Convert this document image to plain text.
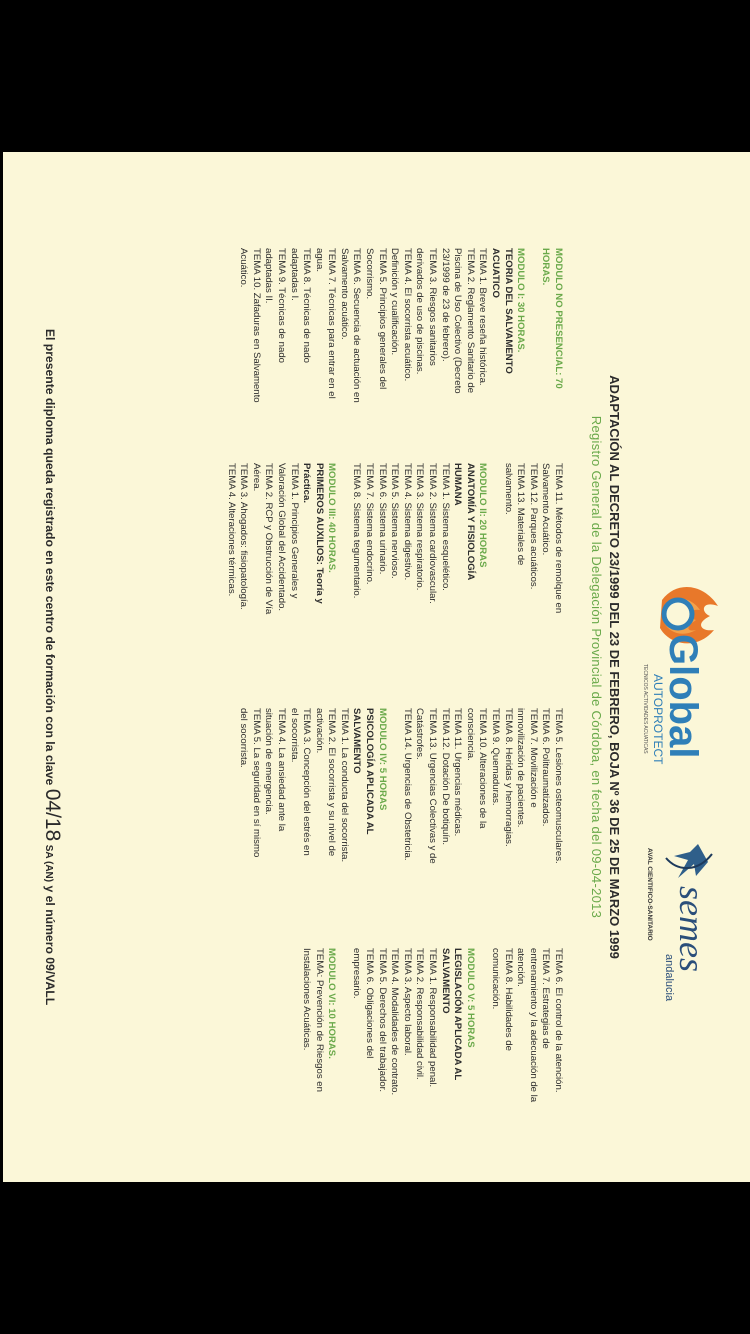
Global
AUTOPROTECT
TECNICOS ACTIVIDADES ACUATICAS
semes
andalucia
AVAL CIENTIFICO-SANITARIO
ADAPTACIÓN AL DECRETO 23/1999 DEL 23 DE FEBRERO, BOJA Nº 36 DE 25 DE MARZO 1999
Registro General de la Delegación Provincial de Córdoba, en fecha del 09-04-2013

MODULO NO PRESENCIAL: 70 HORAS.

MODULO I: 30 HORAS.

TEORIA DEL SALVAMENTO ACUATICO

TEMA 1. Breve reseña histórica.

TEMA 2. Reglamento Sanitario de Piscina de Uso Colectivo (Decreto 23/1999 de 23 de febrero).

TEMA 3. Riesgos sanitarios derivados de uso de piscinas.

TEMA 4. El socorrista acuático. Definición y cualificación.

TEMA 5. Principios generales del Socorrismo.

TEMA 6. Secuencia de actuación en Salvamento acuático.

TEMA 7. Técnicas para entrar en el agua.

TEMA 8. Técnicas de nado adaptadas I.

TEMA 9. Técnicas de nado adaptadas II.

TEMA 10. Zafaduras en Salvamento Acuático.

TEMA 11. Métodos de remolque en Salvamento Acuático.

TEMA 12. Parques acuáticos.

TEMA 13. Materiales de salvamento.

MODULO II: 20 HORAS

ANATOMÍA Y FISIOLOGÍA HUMANA

TEMA 1. Sistema esquelético.

TEMA 2. Sistema cardiovascular.

TEMA 3. Sistema respiratorio.

TEMA 4. Sistema digestivo.

TEMA 5. Sistema nervioso.

TEMA 6. Sistema urinario.

TEMA 7. Sistema endocrino.

TEMA 8. Sistema tegumentario.

MODULO III: 40 HORAS.

PRIMEROS AUXILIOS: Teoría y Práctica.

TEMA 1. Principios Generales y Valoración Global del Accidentado.

TEMA 2. RCP y Obstrucción de Vía Aérea.

TEMA 3. Ahogados: fisiopatología.

TEMA 4. Alteraciones térmicas.

TEMA 5. Lesiones osteomusculares.

TEMA 6. Politraumatizados.

TEMA 7. Movilización e inmovilización de pacientes.

TEMA 8. Heridas y hemorragias.

TEMA 9. Quemaduras.

TEMA 10. Alteraciones de la consciencia.

TEMA 11. Urgencias médicas.

TEMA 12. Dotación De botiquín.

TEMA 13. Urgencias Colectivas y de Catástrofes.

TEMA 14. Urgencias de Obstetricia.

MODULO IV: 5 HORAS

PSICOLOGÍA APLICADA AL SALVAMENTO

TEMA 1. La conducta del socorrista.

TEMA 2. El socorrista y su nivel de activación.

TEMA 3. Concepción del estrés en el socorrista.

TEMA 4. La ansiedad ante la situación de emergencia.

TEMA 5. La seguridad en sí mismo del socorrista.

TEMA 6. El control de la atención.

TEMA 7. Estrategias de entrenamiento y la adecuación de la atención.

TEMA 8. Habilidades de comunicación.

MODULO V: 5 HORAS

LEGISLACIÓN APLICADA AL SALVAMENTO

TEMA 1. Responsabilidad penal.

TEMA 2. Responsabilidad civil.

TEMA 3. Aspecto laboral.

TEMA 4. Modalidades de contrato.

TEMA 5. Derechos del trabajador.

TEMA 6. Obligaciones del empresario.

MODULO VI: 10 HORAS.

TEMA: Prevención de Riesgos en Instalaciones Acuáticas.

El presente diploma queda registrado en este centro de formación con la clave 04/18 SA (AN) y el número 09/VALL
